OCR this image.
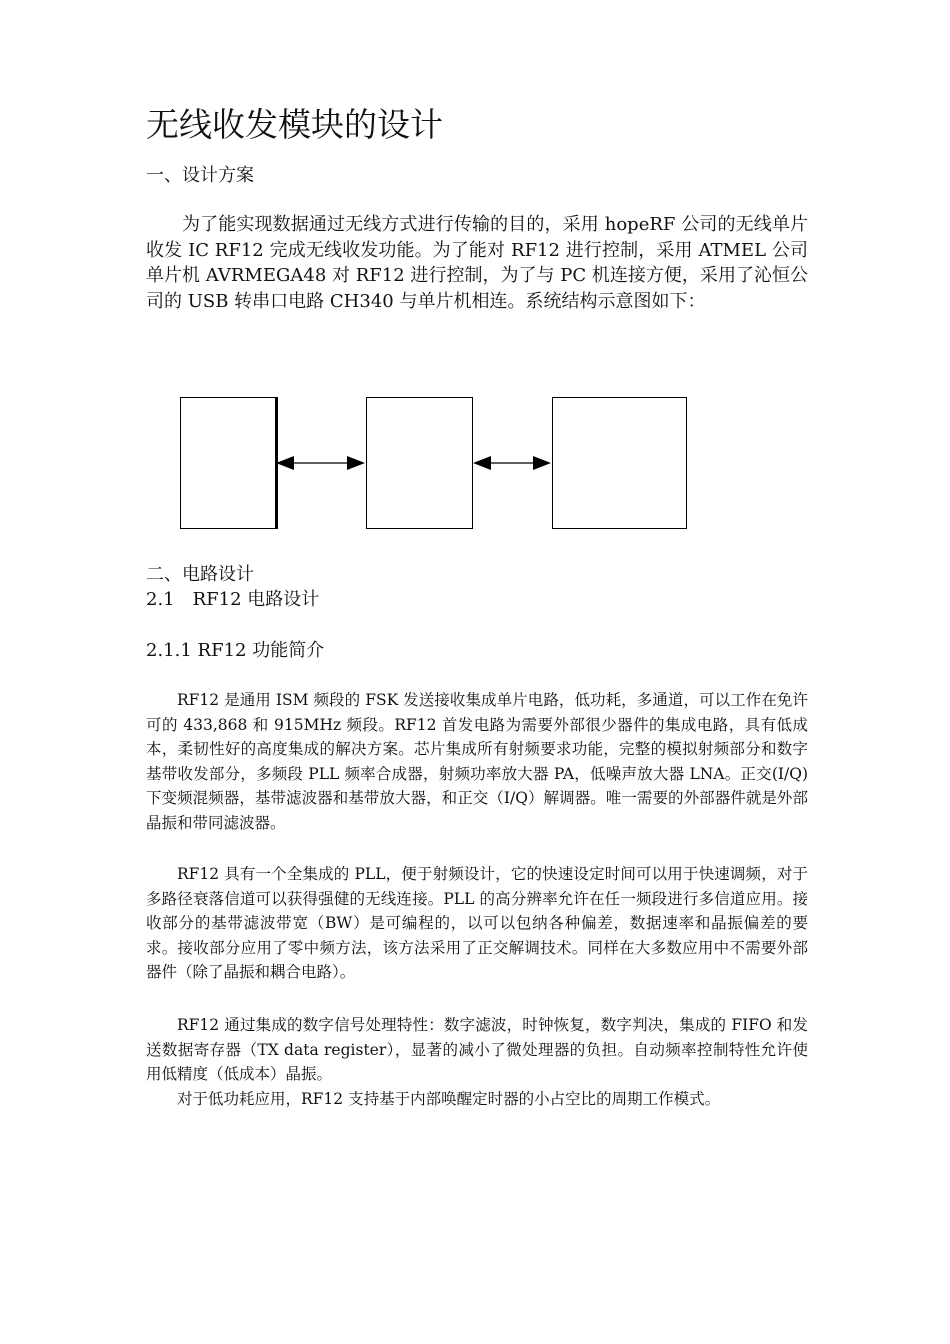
无线收发模块的设计
一、设计方案
为了能实现数据通过无线方式进行传输的目的，采用 hopeRF 公司的无线单片收发 IC RF12 完成无线收发功能。为了能对 RF12 进行控制，采用 ATMEL 公司单片机 AVRMEGA48 对 RF12 进行控制，为了与 PC 机连接方便，采用了沁恒公司的 USB 转串口电路 CH340 与单片机相连。系统结构示意图如下：
二、电路设计
2.1　RF12 电路设计
2.1.1 RF12 功能简介
RF12 是通用 ISM 频段的 FSK 发送接收集成单片电路，低功耗，多通道，可以工作在免许可的 433,868 和 915MHz 频段。RF12 首发电路为需要外部很少器件的集成电路，具有低成本，柔韧性好的高度集成的解决方案。芯片集成所有射频要求功能，完整的模拟射频部分和数字基带收发部分，多频段 PLL 频率合成器，射频功率放大器 PA，低噪声放大器 LNA。正交(I/Q)下变频混频器，基带滤波器和基带放大器，和正交（I/Q）解调器。唯一需要的外部器件就是外部晶振和带同滤波器。
RF12 具有一个全集成的 PLL，便于射频设计，它的快速设定时间可以用于快速调频，对于多路径衰落信道可以获得强健的无线连接。PLL 的高分辨率允许在任一频段进行多信道应用。接收部分的基带滤波带宽（BW）是可编程的，以可以包纳各种偏差，数据速率和晶振偏差的要求。接收部分应用了零中频方法，该方法采用了正交解调技术。同样在大多数应用中不需要外部器件（除了晶振和耦合电路）。
RF12 通过集成的数字信号处理特性：数字滤波，时钟恢复，数字判决，集成的 FIFO 和发送数据寄存器（TX data register），显著的减小了微处理器的负担。自动频率控制特性允许使用低精度（低成本）晶振。
对于低功耗应用，RF12 支持基于内部唤醒定时器的小占空比的周期工作模式。
